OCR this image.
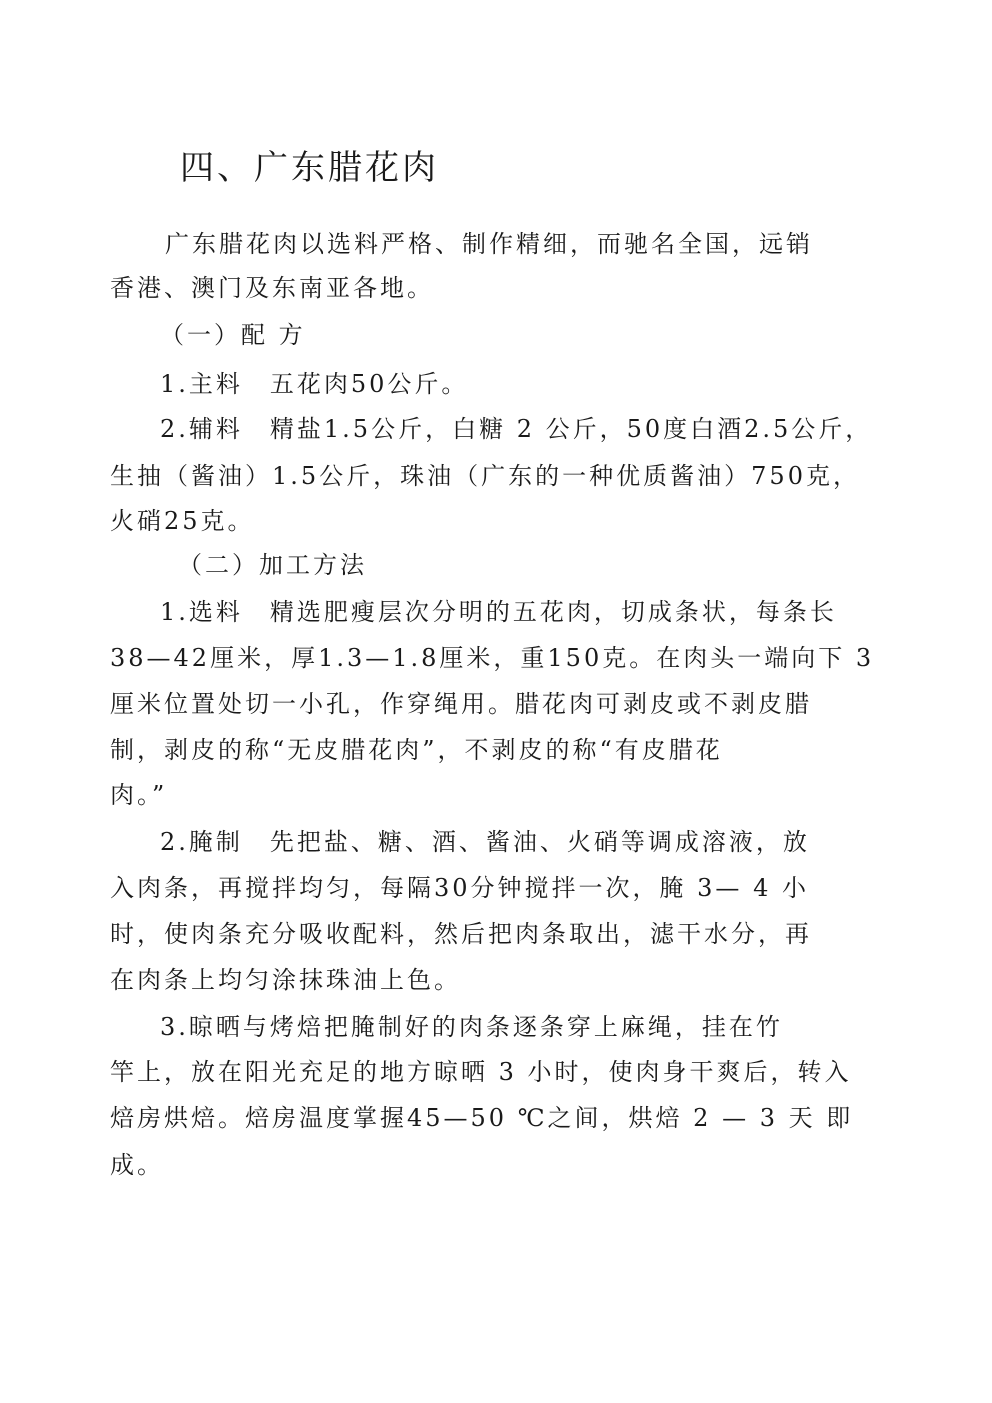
四、广东腊花肉

广东腊花肉以选料严格、制作精细，而驰名全国，远销

香港、澳门及东南亚各地。

（一）配 方

1.主料　五花肉50公斤。

2.辅料　精盐1.5公斤，白糖 2 公斤，50度白酒2.5公斤，

生抽（酱油）1.5公斤，珠油（广东的一种优质酱油）750克，

火硝25克。

（二）加工方法

1.选料　精选肥瘦层次分明的五花肉，切成条状，每条长

38—42厘米，厚1.3—1.8厘米，重150克。在肉头一端向下 3

厘米位置处切一小孔，作穿绳用。腊花肉可剥皮或不剥皮腊

制，剥皮的称“无皮腊花肉”，不剥皮的称“有皮腊花

肉。”

2.腌制　先把盐、糖、酒、酱油、火硝等调成溶液，放

入肉条，再搅拌均匀，每隔30分钟搅拌一次，腌 3— 4 小

时，使肉条充分吸收配料，然后把肉条取出，滤干水分，再

在肉条上均匀涂抹珠油上色。

3.晾晒与烤焙把腌制好的肉条逐条穿上麻绳，挂在竹

竿上，放在阳光充足的地方晾晒 3 小时，使肉身干爽后，转入

焙房烘焙。焙房温度掌握45—50 ℃之间，烘焙 2 — 3 天 即

成。
